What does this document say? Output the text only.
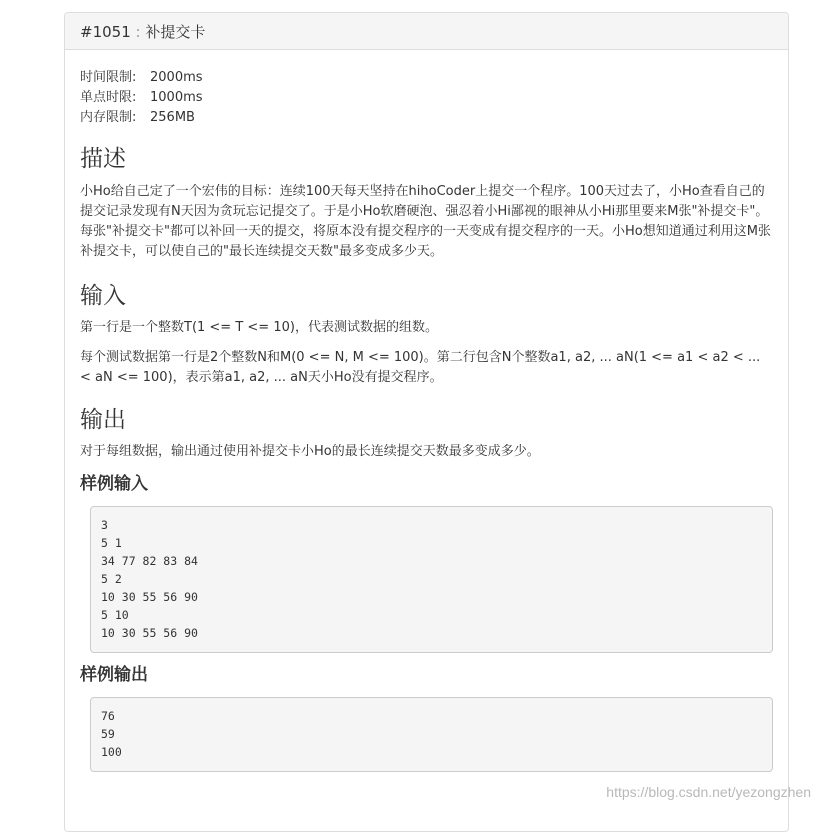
#1051 : 补提交卡
时间限制: 2000ms
单点时限: 1000ms
内存限制: 256MB
描述

小Ho给自己定了一个宏伟的目标：连续100天每天坚持在hihoCoder上提交一个程序。100天过去了，小Ho查看自己的提交记录发现有N天因为贪玩忘记提交了。于是小Ho软磨硬泡、强忍着小Hi鄙视的眼神从小Hi那里要来M张"补提交卡"。每张"补提交卡"都可以补回一天的提交，将原本没有提交程序的一天变成有提交程序的一天。小Ho想知道通过利用这M张补提交卡，可以使自己的"最长连续提交天数"最多变成多少天。

输入

第一行是一个整数T(1 <= T <= 10)，代表测试数据的组数。

每个测试数据第一行是2个整数N和M(0 <= N, M <= 100)。第二行包含N个整数a1, a2, ... aN(1 <= a1 < a2 < ... < aN <= 100)，表示第a1, a2, ... aN天小Ho没有提交程序。

输出

对于每组数据，输出通过使用补提交卡小Ho的最长连续提交天数最多变成多少。

样例输入
3
5 1
34 77 82 83 84
5 2
10 30 55 56 90
5 10
10 30 55 56 90
样例输出
76
59
100
https://blog.csdn.net/yezongzhen
